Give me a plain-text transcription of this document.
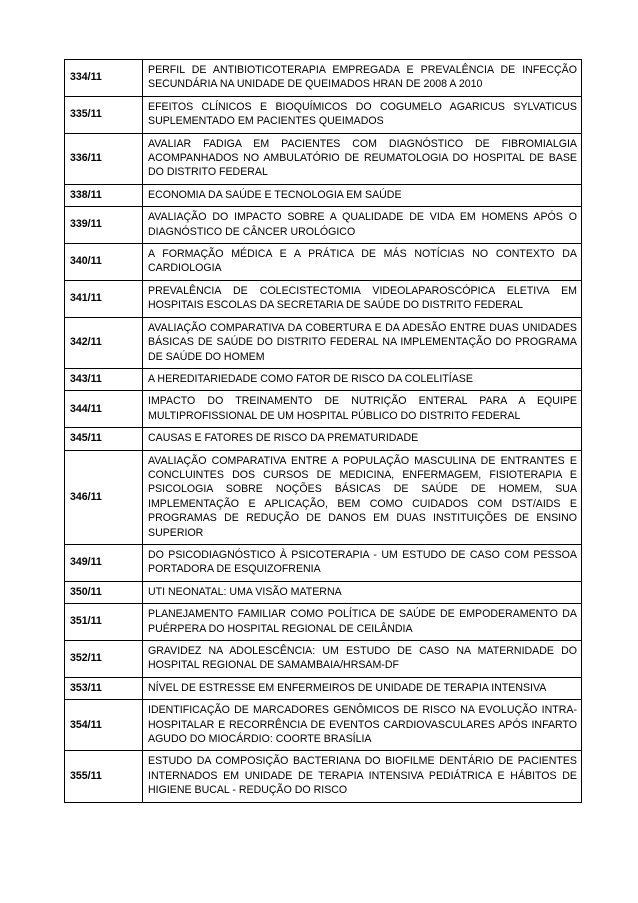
334/11	PERFIL DE ANTIBIOTICOTERAPIA EMPREGADA E PREVALÊNCIA DE INFECÇÃO SECUNDÁRIA NA UNIDADE DE QUEIMADOS HRAN DE 2008 A 2010
335/11	EFEITOS CLÍNICOS E BIOQUÍMICOS DO COGUMELO AGARICUS SYLVATICUS SUPLEMENTADO EM PACIENTES QUEIMADOS
336/11	AVALIAR FADIGA EM PACIENTES COM DIAGNÓSTICO DE FIBROMIALGIA ACOMPANHADOS NO AMBULATÓRIO DE REUMATOLOGIA DO HOSPITAL DE BASE DO DISTRITO FEDERAL
338/11	ECONOMIA DA SAÚDE E TECNOLOGIA EM SAÚDE
339/11	AVALIAÇÃO DO IMPACTO SOBRE A QUALIDADE DE VIDA EM HOMENS APÓS O DIAGNÓSTICO DE CÂNCER UROLÓGICO
340/11	A FORMAÇÃO MÉDICA E A PRÁTICA DE MÁS NOTÍCIAS NO CONTEXTO DA CARDIOLOGIA
341/11	PREVALÊNCIA DE COLECISTECTOMIA VIDEOLAPAROSCÓPICA ELETIVA EM HOSPITAIS ESCOLAS DA SECRETARIA DE SAÚDE DO DISTRITO FEDERAL
342/11	AVALIAÇÃO COMPARATIVA DA COBERTURA E DA ADESÃO ENTRE DUAS UNIDADES BÁSICAS DE SAÚDE DO DISTRITO FEDERAL NA IMPLEMENTAÇÃO DO PROGRAMA DE SAÚDE DO HOMEM
343/11	A HEREDITARIEDADE COMO FATOR DE RISCO DA COLELITÍASE
344/11	IMPACTO DO TREINAMENTO DE NUTRIÇÃO ENTERAL PARA A EQUIPE MULTIPROFISSIONAL DE UM HOSPITAL PÚBLICO DO DISTRITO FEDERAL
345/11	CAUSAS E FATORES DE RISCO DA PREMATURIDADE
346/11	AVALIAÇÃO COMPARATIVA ENTRE A POPULAÇÃO MASCULINA DE ENTRANTES E CONCLUINTES DOS CURSOS DE MEDICINA, ENFERMAGEM, FISIOTERAPIA E PSICOLOGIA SOBRE NOÇÕES BÁSICAS DE SAÚDE DE HOMEM, SUA IMPLEMENTAÇÃO E APLICAÇÃO, BEM COMO CUIDADOS COM DST/AIDS E PROGRAMAS DE REDUÇÃO DE DANOS EM DUAS INSTITUIÇÕES DE ENSINO SUPERIOR
349/11	DO PSICODIAGNÓSTICO À PSICOTERAPIA - UM ESTUDO DE CASO COM PESSOA PORTADORA DE ESQUIZOFRENIA
350/11	UTI NEONATAL: UMA VISÃO MATERNA
351/11	PLANEJAMENTO FAMILIAR COMO POLÍTICA DE SAÚDE DE EMPODERAMENTO DA PUÉRPERA DO HOSPITAL REGIONAL DE CEILÂNDIA
352/11	GRAVIDEZ NA ADOLESCÊNCIA: UM ESTUDO DE CASO NA MATERNIDADE DO HOSPITAL REGIONAL DE SAMAMBAIA/HRSAM-DF
353/11	NÍVEL DE ESTRESSE EM ENFERMEIROS DE UNIDADE DE TERAPIA INTENSIVA
354/11	IDENTIFICAÇÃO DE MARCADORES GENÔMICOS DE RISCO NA EVOLUÇÃO INTRA-HOSPITALAR E RECORRÊNCIA DE EVENTOS CARDIOVASCULARES APÓS INFARTO AGUDO DO MIOCÁRDIO: COORTE BRASÍLIA
355/11	ESTUDO DA COMPOSIÇÃO BACTERIANA DO BIOFILME DENTÁRIO DE PACIENTES INTERNADOS EM UNIDADE DE TERAPIA INTENSIVA PEDIÁTRICA E HÁBITOS DE HIGIENE BUCAL - REDUÇÃO DO RISCO
